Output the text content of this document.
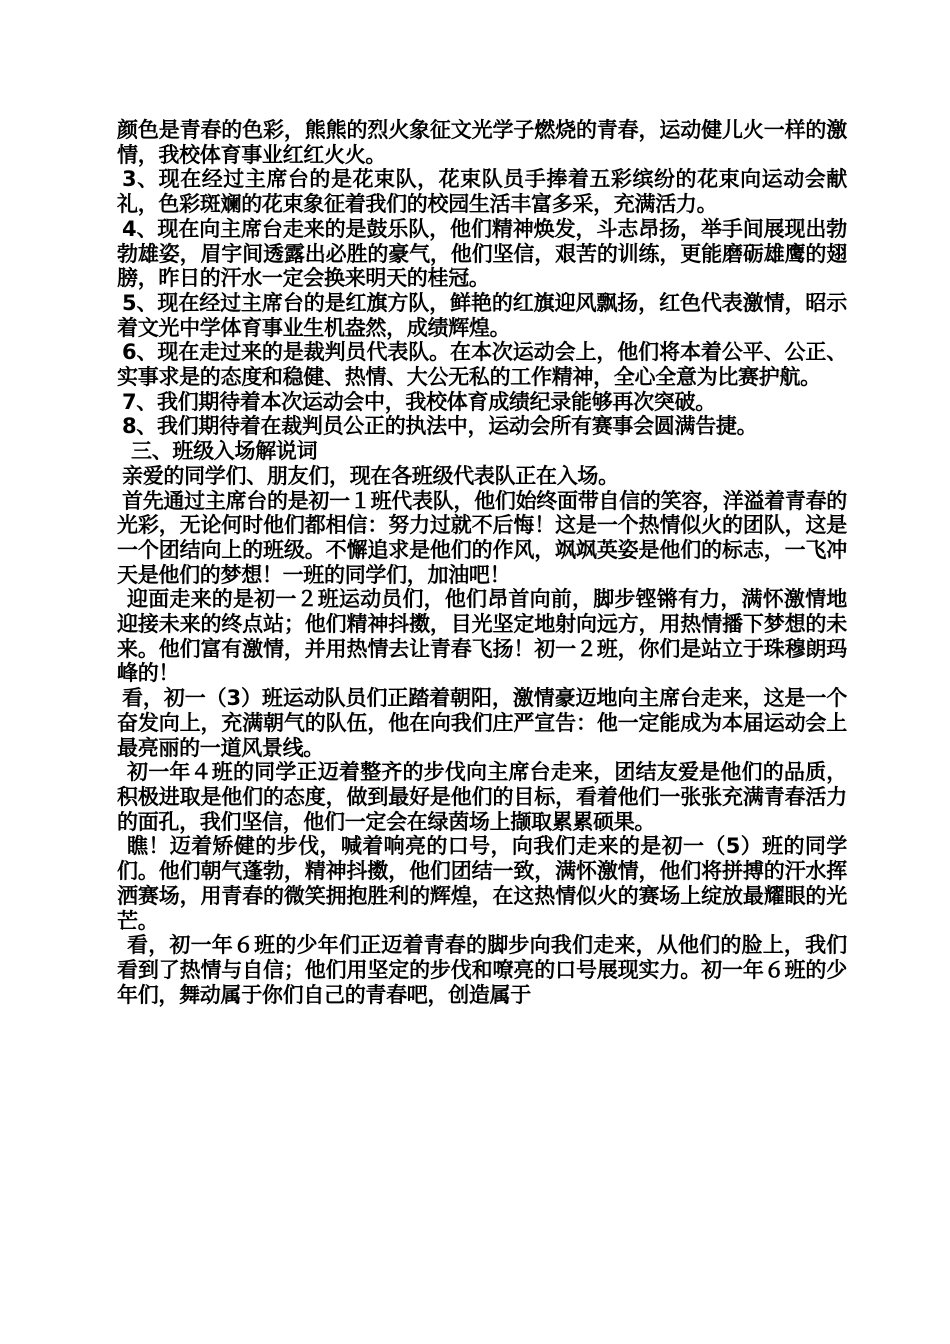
颜色是青春的色彩，熊熊的烈火象征文光学子燃烧的青春，运动健儿火一样的激情，我校体育事业红红火火。

3、现在经过主席台的是花束队，花束队员手捧着五彩缤纷的花束向运动会献礼，色彩斑斓的花束象征着我们的校园生活丰富多采，充满活力。

4、现在向主席台走来的是鼓乐队，他们精神焕发，斗志昂扬，举手间展现出勃勃雄姿，眉宇间透露出必胜的豪气，他们坚信，艰苦的训练，更能磨砺雄鹰的翅膀，昨日的汗水一定会换来明天的桂冠。

5、现在经过主席台的是红旗方队，鲜艳的红旗迎风飘扬，红色代表激情，昭示着文光中学体育事业生机盎然，成绩辉煌。

6、现在走过来的是裁判员代表队。在本次运动会上，他们将本着公平、公正、实事求是的态度和稳健、热情、大公无私的工作精神，全心全意为比赛护航。

7、我们期待着本次运动会中，我校体育成绩纪录能够再次突破。

8、我们期待着在裁判员公正的执法中，运动会所有赛事会圆满告捷。

三、班级入场解说词

亲爱的同学们、朋友们，现在各班级代表队正在入场。

首先通过主席台的是初一１班代表队，他们始终面带自信的笑容，洋溢着青春的光彩，无论何时他们都相信：努力过就不后悔！这是一个热情似火的团队，这是一个团结向上的班级。不懈追求是他们的作风，飒飒英姿是他们的标志，一飞冲天是他们的梦想！一班的同学们，加油吧！

迎面走来的是初一２班运动员们，他们昂首向前，脚步铿锵有力，满怀激情地迎接未来的终点站；他们精神抖擞，目光坚定地射向远方，用热情播下梦想的未来。他们富有激情，并用热情去让青春飞扬！初一２班，你们是站立于珠穆朗玛峰的！

看，初一（3）班运动队员们正踏着朝阳，激情豪迈地向主席台走来，这是一个奋发向上，充满朝气的队伍，他在向我们庄严宣告：他一定能成为本届运动会上最亮丽的一道风景线。

初一年４班的同学正迈着整齐的步伐向主席台走来，团结友爱是他们的品质，积极进取是他们的态度，做到最好是他们的目标，看着他们一张张充满青春活力的面孔，我们坚信，他们一定会在绿茵场上撷取累累硕果。

瞧！迈着矫健的步伐，喊着响亮的口号，向我们走来的是初一（5）班的同学们。他们朝气蓬勃，精神抖擞，他们团结一致，满怀激情，他们将拼搏的汗水挥洒赛场，用青春的微笑拥抱胜利的辉煌，在这热情似火的赛场上绽放最耀眼的光芒。

看，初一年６班的少年们正迈着青春的脚步向我们走来，从他们的脸上，我们看到了热情与自信；他们用坚定的步伐和嘹亮的口号展现实力。初一年６班的少年们，舞动属于你们自己的青春吧，创造属于
